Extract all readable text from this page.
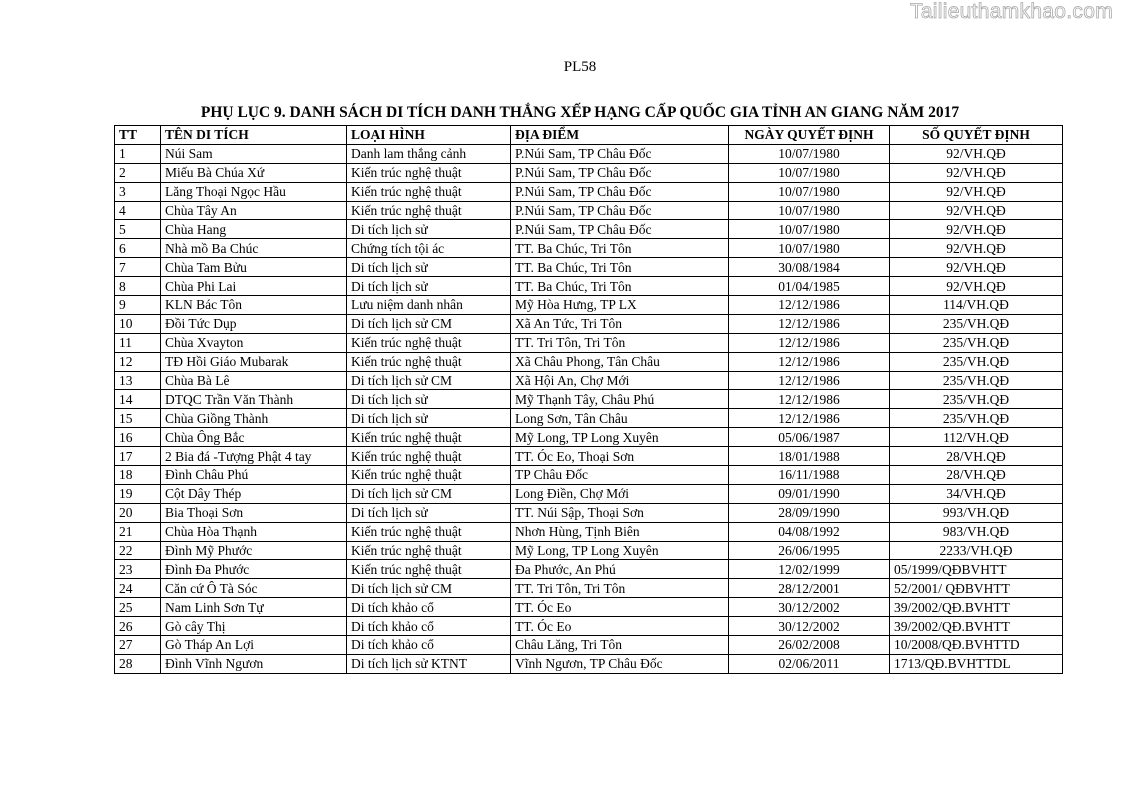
Tailieuthamkhao.com
PL58
PHỤ LỤC 9. DANH SÁCH DI TÍCH DANH THẮNG XẾP HẠNG CẤP QUỐC GIA TỈNH AN GIANG NĂM 2017
TT	TÊN DI TÍCH	LOẠI HÌNH	ĐỊA ĐIỂM	NGÀY QUYẾT ĐỊNH	SỐ QUYẾT ĐỊNH
1	Núi Sam	Danh lam thắng cảnh	P.Núi Sam, TP Châu Đốc	10/07/1980	92/VH.QĐ
2	Miếu Bà Chúa Xứ	Kiến trúc nghệ thuật	P.Núi Sam, TP Châu Đốc	10/07/1980	92/VH.QĐ
3	Lăng Thoại Ngọc Hầu	Kiến trúc nghệ thuật	P.Núi Sam, TP Châu Đốc	10/07/1980	92/VH.QĐ
4	Chùa Tây An	Kiến trúc nghệ thuật	P.Núi Sam, TP Châu Đốc	10/07/1980	92/VH.QĐ
5	Chùa Hang	Di tích lịch sử	P.Núi Sam, TP Châu Đốc	10/07/1980	92/VH.QĐ
6	Nhà mồ Ba Chúc	Chứng tích tội ác	TT. Ba Chúc, Tri Tôn	10/07/1980	92/VH.QĐ
7	Chùa Tam Bửu	Di tích lịch sử	TT. Ba Chúc, Tri Tôn	30/08/1984	92/VH.QĐ
8	Chùa Phi Lai	Di tích lịch sử	TT. Ba Chúc, Tri Tôn	01/04/1985	92/VH.QĐ
9	KLN Bác Tôn	Lưu niệm danh nhân	Mỹ Hòa Hưng, TP LX	12/12/1986	114/VH.QĐ
10	Đồi Tức Dụp	Di tích lịch sử CM	Xã An Tức, Tri Tôn	12/12/1986	235/VH.QĐ
11	Chùa Xvayton	Kiến trúc nghệ thuật	TT. Tri Tôn, Tri Tôn	12/12/1986	235/VH.QĐ
12	TĐ Hồi Giáo Mubarak	Kiến trúc nghệ thuật	Xã Châu Phong, Tân Châu	12/12/1986	235/VH.QĐ
13	Chùa Bà Lê	Di tích lịch sử CM	Xã Hội An, Chợ Mới	12/12/1986	235/VH.QĐ
14	DTQC Trần Văn Thành	Di tích lịch sử	Mỹ Thạnh Tây, Châu Phú	12/12/1986	235/VH.QĐ
15	Chùa Giồng Thành	Di tích lịch sử	Long Sơn, Tân Châu	12/12/1986	235/VH.QĐ
16	Chùa Ông Bắc	Kiến trúc nghệ thuật	Mỹ Long, TP Long Xuyên	05/06/1987	112/VH.QĐ
17	2 Bia đá -Tượng Phật 4 tay	Kiến trúc nghệ thuật	TT. Óc Eo, Thoại Sơn	18/01/1988	28/VH.QĐ
18	Đình Châu Phú	Kiến trúc nghệ thuật	TP Châu Đốc	16/11/1988	28/VH.QĐ
19	Cột Dây Thép	Di tích lịch sử CM	Long Điền, Chợ Mới	09/01/1990	34/VH.QĐ
20	Bia Thoại Sơn	Di tích lịch sử	TT. Núi Sập, Thoại Sơn	28/09/1990	993/VH.QĐ
21	Chùa Hòa Thạnh	Kiến trúc nghệ thuật	Nhơn Hùng, Tịnh Biên	04/08/1992	983/VH.QĐ
22	Đình Mỹ Phước	Kiến trúc nghệ thuật	Mỹ Long, TP Long Xuyên	26/06/1995	2233/VH.QĐ
23	Đình Đa Phước	Kiến trúc nghệ thuật	Đa Phước, An Phú	12/02/1999	05/1999/QĐBVHTT
24	Căn cứ Ô Tà Sóc	Di tích lịch sử CM	TT. Tri Tôn, Tri Tôn	28/12/2001	52/2001/ QĐBVHTT
25	Nam Linh Sơn Tự	Di tích khảo cổ	TT. Óc Eo	30/12/2002	39/2002/QĐ.BVHTT
26	Gò cây Thị	Di tích khảo cổ	TT. Óc Eo	30/12/2002	39/2002/QĐ.BVHTT
27	Gò Tháp An Lợi	Di tích khảo cổ	Châu Lăng, Tri Tôn	26/02/2008	10/2008/QĐ.BVHTTD
28	Đình Vĩnh Ngươn	Di tích lịch sử KTNT	Vĩnh Ngươn, TP Châu Đốc	02/06/2011	1713/QĐ.BVHTTDL
